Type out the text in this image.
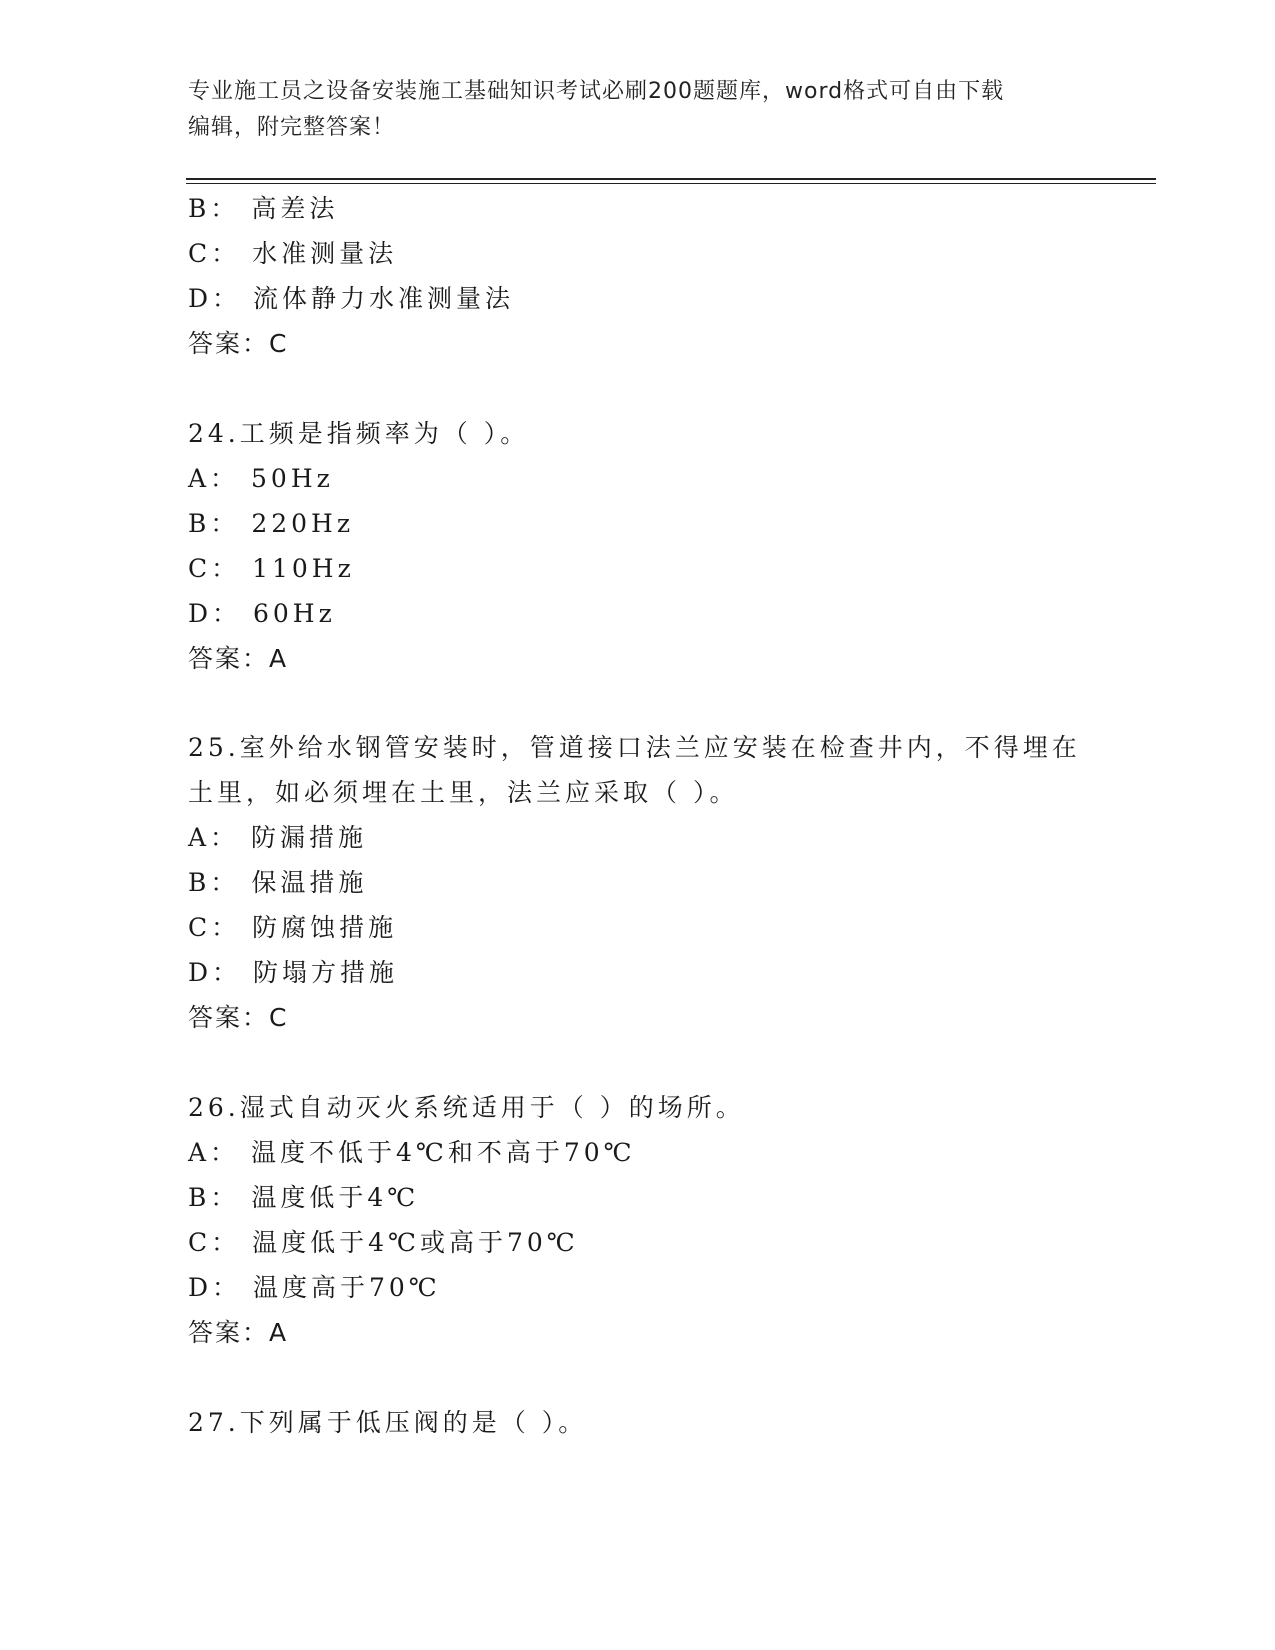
专业施工员之设备安装施工基础知识考试必刷200题题库，word格式可自由下载
编辑，附完整答案！
B： 高差法
C： 水准测量法
D： 流体静力水准测量法
答案：C
24.工频是指频率为（ ）。
A： 50Hz
B： 220Hz
C： 110Hz
D： 60Hz
答案：A
25.室外给水钢管安装时，管道接口法兰应安装在检查井内，不得埋在
土里，如必须埋在土里，法兰应采取（ ）。
A： 防漏措施
B： 保温措施
C： 防腐蚀措施
D： 防塌方措施
答案：C
26.湿式自动灭火系统适用于（ ）的场所。
A： 温度不低于4℃和不高于70℃
B： 温度低于4℃
C： 温度低于4℃或高于70℃
D： 温度高于70℃
答案：A
27.下列属于低压阀的是（ ）。
